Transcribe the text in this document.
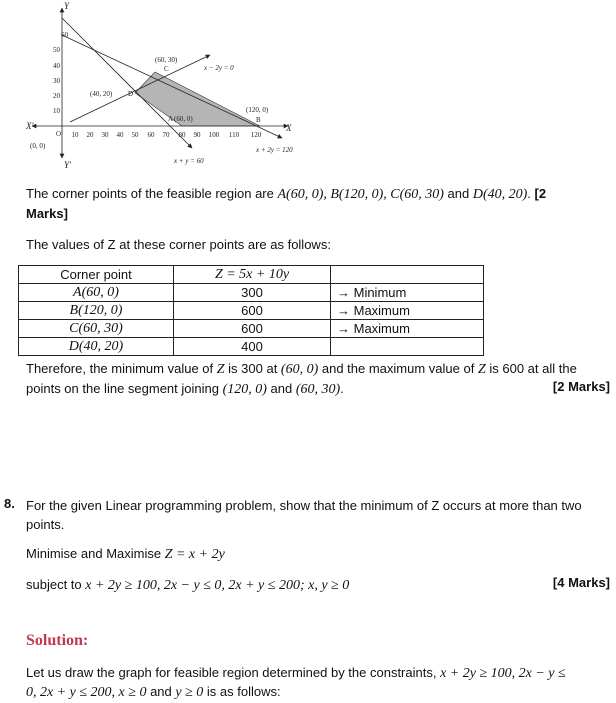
60
50
40
30
20
10
10 20 30 40 50 60 70 80 90 100 110 120
Y
X
X'
Y'
O
(0, 0)
(60, 30)
C
(40, 20) D
A (60, 0)
(120, 0)
B
x − 2y = 0
x + 2y = 120
x + y = 60
The corner points of the feasible region are A(60, 0), B(120, 0), C(60, 30) and D(40, 20). [2 Marks]
The values of Z at these corner points are as follows:
Corner point	Z = 5x + 10y	
A(60, 0)	300	→ Minimum
B(120, 0)	600	→ Maximum
C(60, 30)	600	→ Maximum
D(40, 20)	400	
Therefore, the minimum value of Z is 300 at (60, 0) and the maximum value of Z is 600 at all the
points on the line segment joining (120, 0) and (60, 30).	[2 Marks]
8. For the given Linear programming problem, show that the minimum of Z occurs at more than two
points.
Minimise and Maximise Z = x + 2y
subject to x + 2y ≥ 100, 2x − y ≤ 0, 2x + y ≤ 200; x, y ≥ 0	[4 Marks]
Solution:
Let us draw the graph for feasible region determined by the constraints, x + 2y ≥ 100, 2x − y ≤
0, 2x + y ≤ 200, x ≥ 0 and y ≥ 0 is as follows:
